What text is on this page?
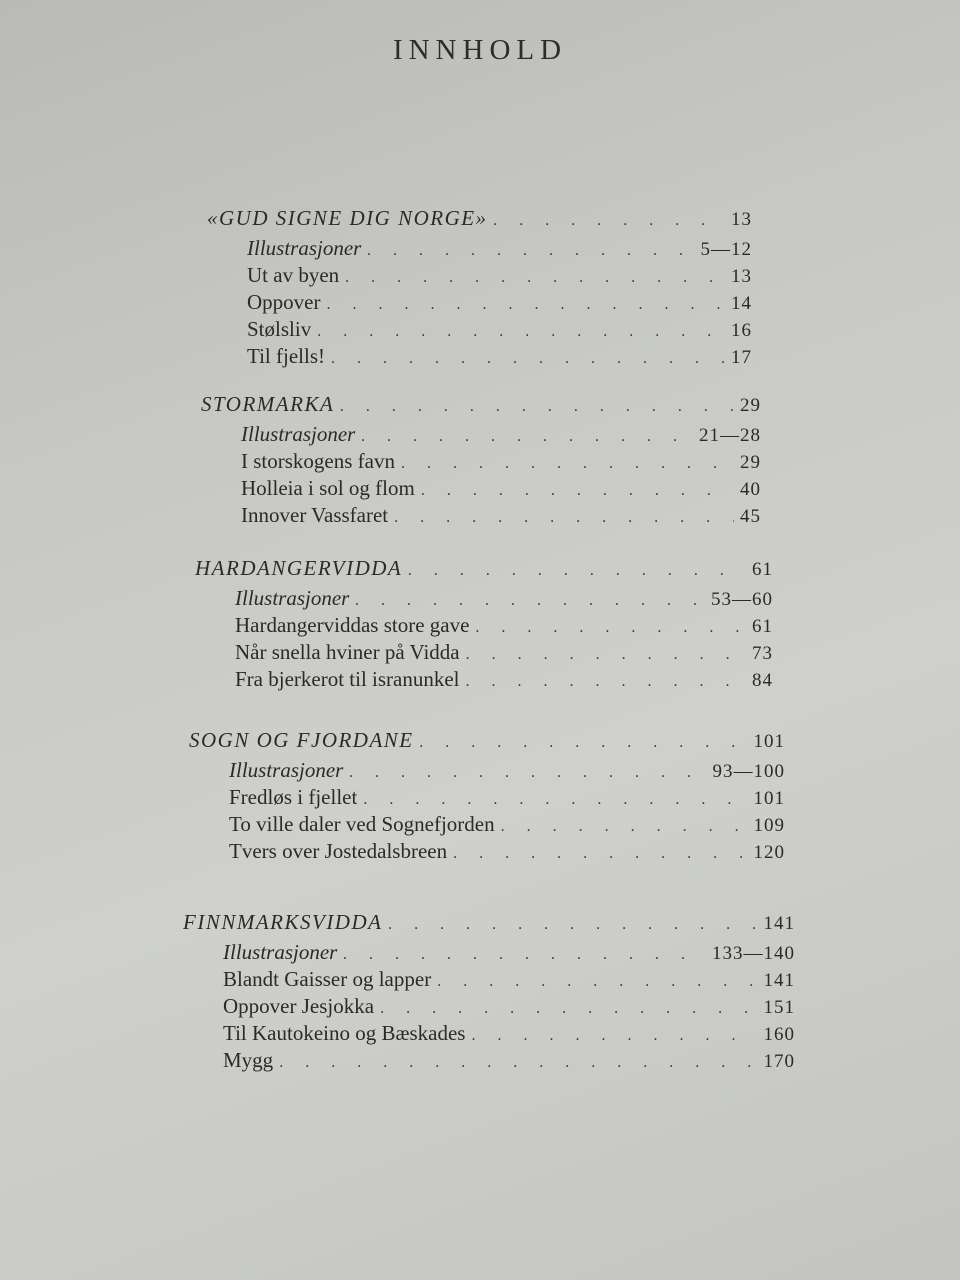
INNHOLD
«GUD SIGNE DIG NORGE» . . .	13
Illustrasjoner . . .	5—12
Ut av byen . . .	13
Oppover . . .	14
Stølsliv . . .	16
Til fjells! . . .	17
STORMARKA . . .	29
Illustrasjoner . . .	21—28
I storskogens favn . . .	29
Holleia i sol og flom . . .	40
Innover Vassfaret . . .	45
HARDANGERVIDDA . . .	61
Illustrasjoner . . .	53—60
Hardangerviddas store gave . . .	61
Når snella hviner på Vidda . . .	73
Fra bjerkerot til isranunkel . . .	84
SOGN OG FJORDANE . . .	101
Illustrasjoner . . .	93—100
Fredløs i fjellet . . .	101
To ville daler ved Sognefjorden . . .	109
Tvers over Jostedalsbreen . . .	120
FINNMARKSVIDDA . . .	141
Illustrasjoner . . .	133—140
Blandt Gaisser og lapper . . .	141
Oppover Jesjokka . . .	151
Til Kautokeino og Bæskades . . .	160
Mygg . . .	170
